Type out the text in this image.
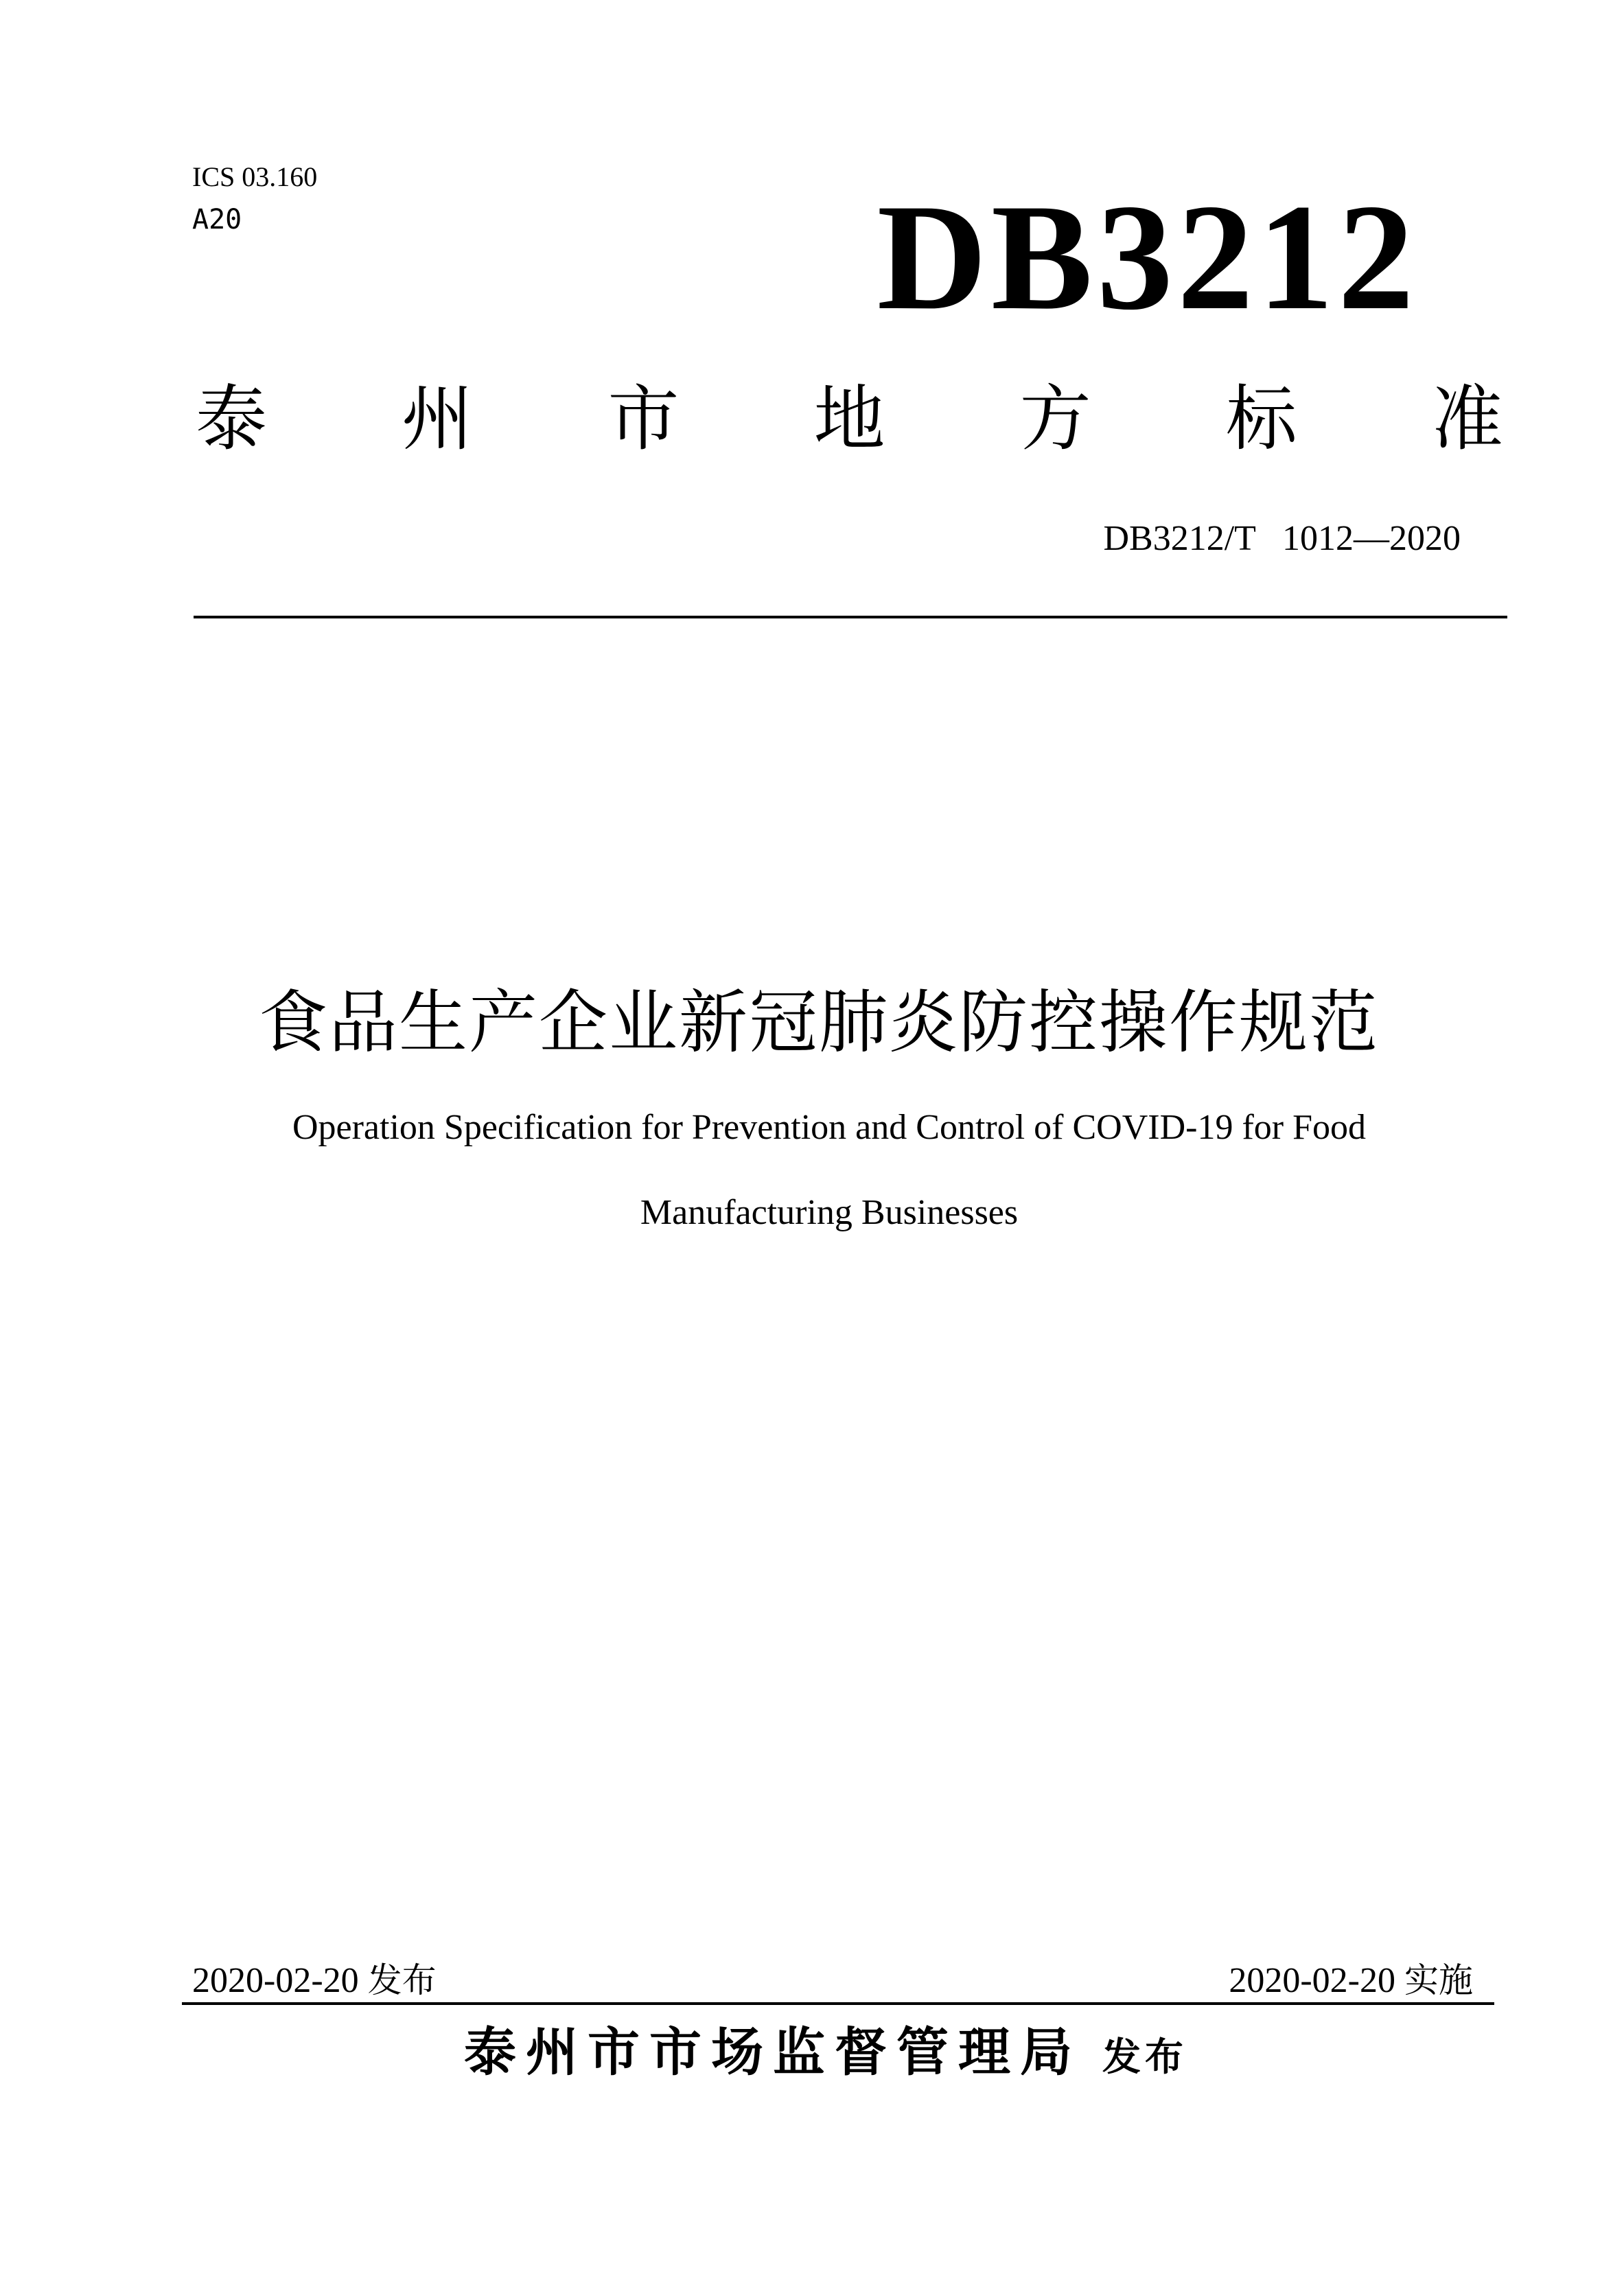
ICS 03.160
A20	DB3212
泰 州 市 地 方 标 准
DB3212/T   1012—2020
食品生产企业新冠肺炎防控操作规范
Operation Specification for Prevention and Control of COVID-19 for Food
Manufacturing Businesses
2020-02-20 发布	2020-02-20 实施
泰州市市场监督管理局 发布
